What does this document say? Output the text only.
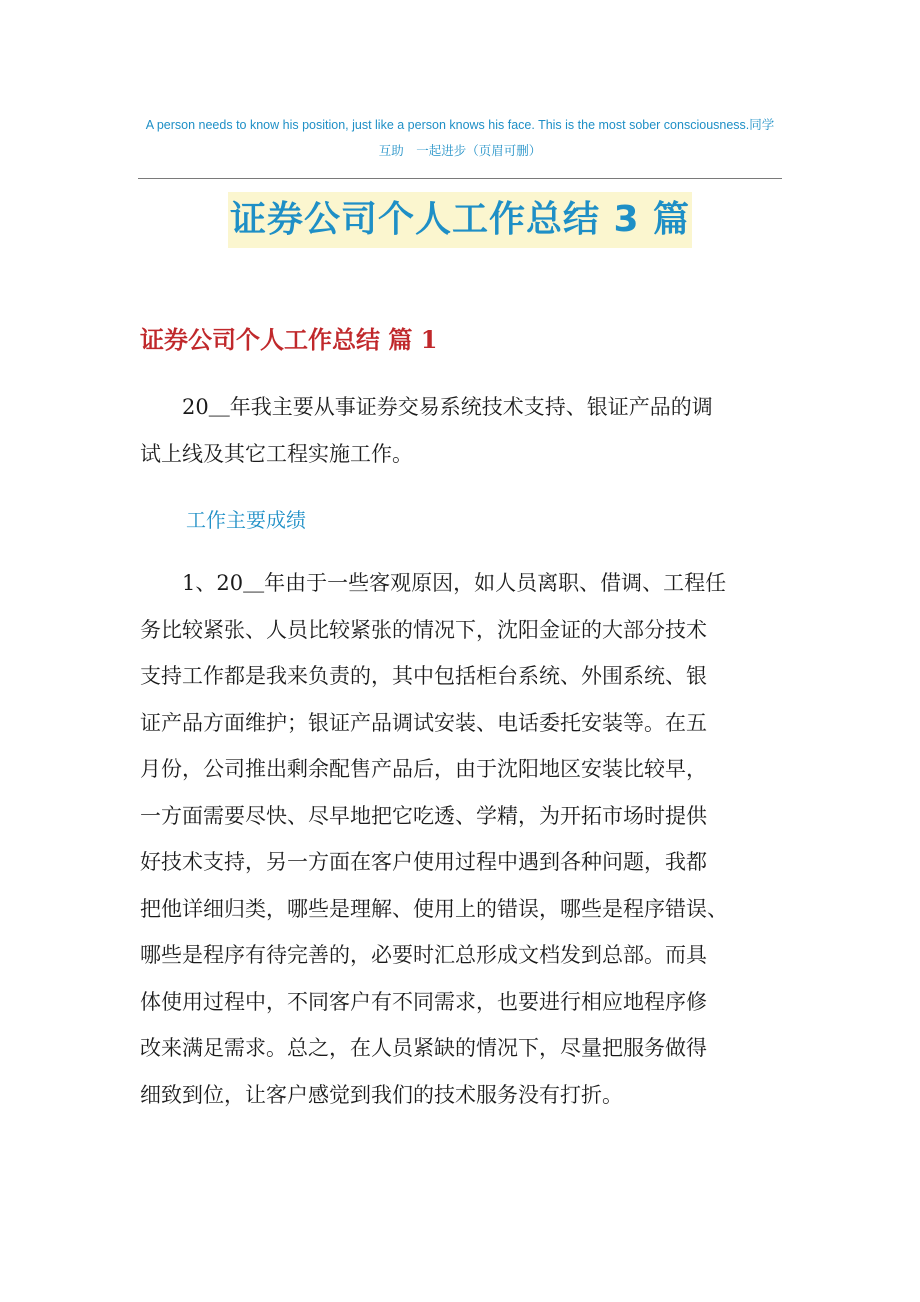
A person needs to know his position, just like a person knows his face. This is the most sober consciousness.同学
互助　一起进步（页眉可删）
证券公司个人工作总结 3 篇
证券公司个人工作总结 篇 1
20＿年我主要从事证券交易系统技术支持、银证产品的调
试上线及其它工程实施工作。
工作主要成绩
1、20＿年由于一些客观原因，如人员离职、借调、工程任
务比较紧张、人员比较紧张的情况下，沈阳金证的大部分技术
支持工作都是我来负责的，其中包括柜台系统、外围系统、银
证产品方面维护；银证产品调试安装、电话委托安装等。在五
月份，公司推出剩余配售产品后，由于沈阳地区安装比较早，
一方面需要尽快、尽早地把它吃透、学精，为开拓市场时提供
好技术支持，另一方面在客户使用过程中遇到各种问题，我都
把他详细归类，哪些是理解、使用上的错误，哪些是程序错误、
哪些是程序有待完善的，必要时汇总形成文档发到总部。而具
体使用过程中，不同客户有不同需求，也要进行相应地程序修
改来满足需求。总之，在人员紧缺的情况下，尽量把服务做得
细致到位，让客户感觉到我们的技术服务没有打折。
